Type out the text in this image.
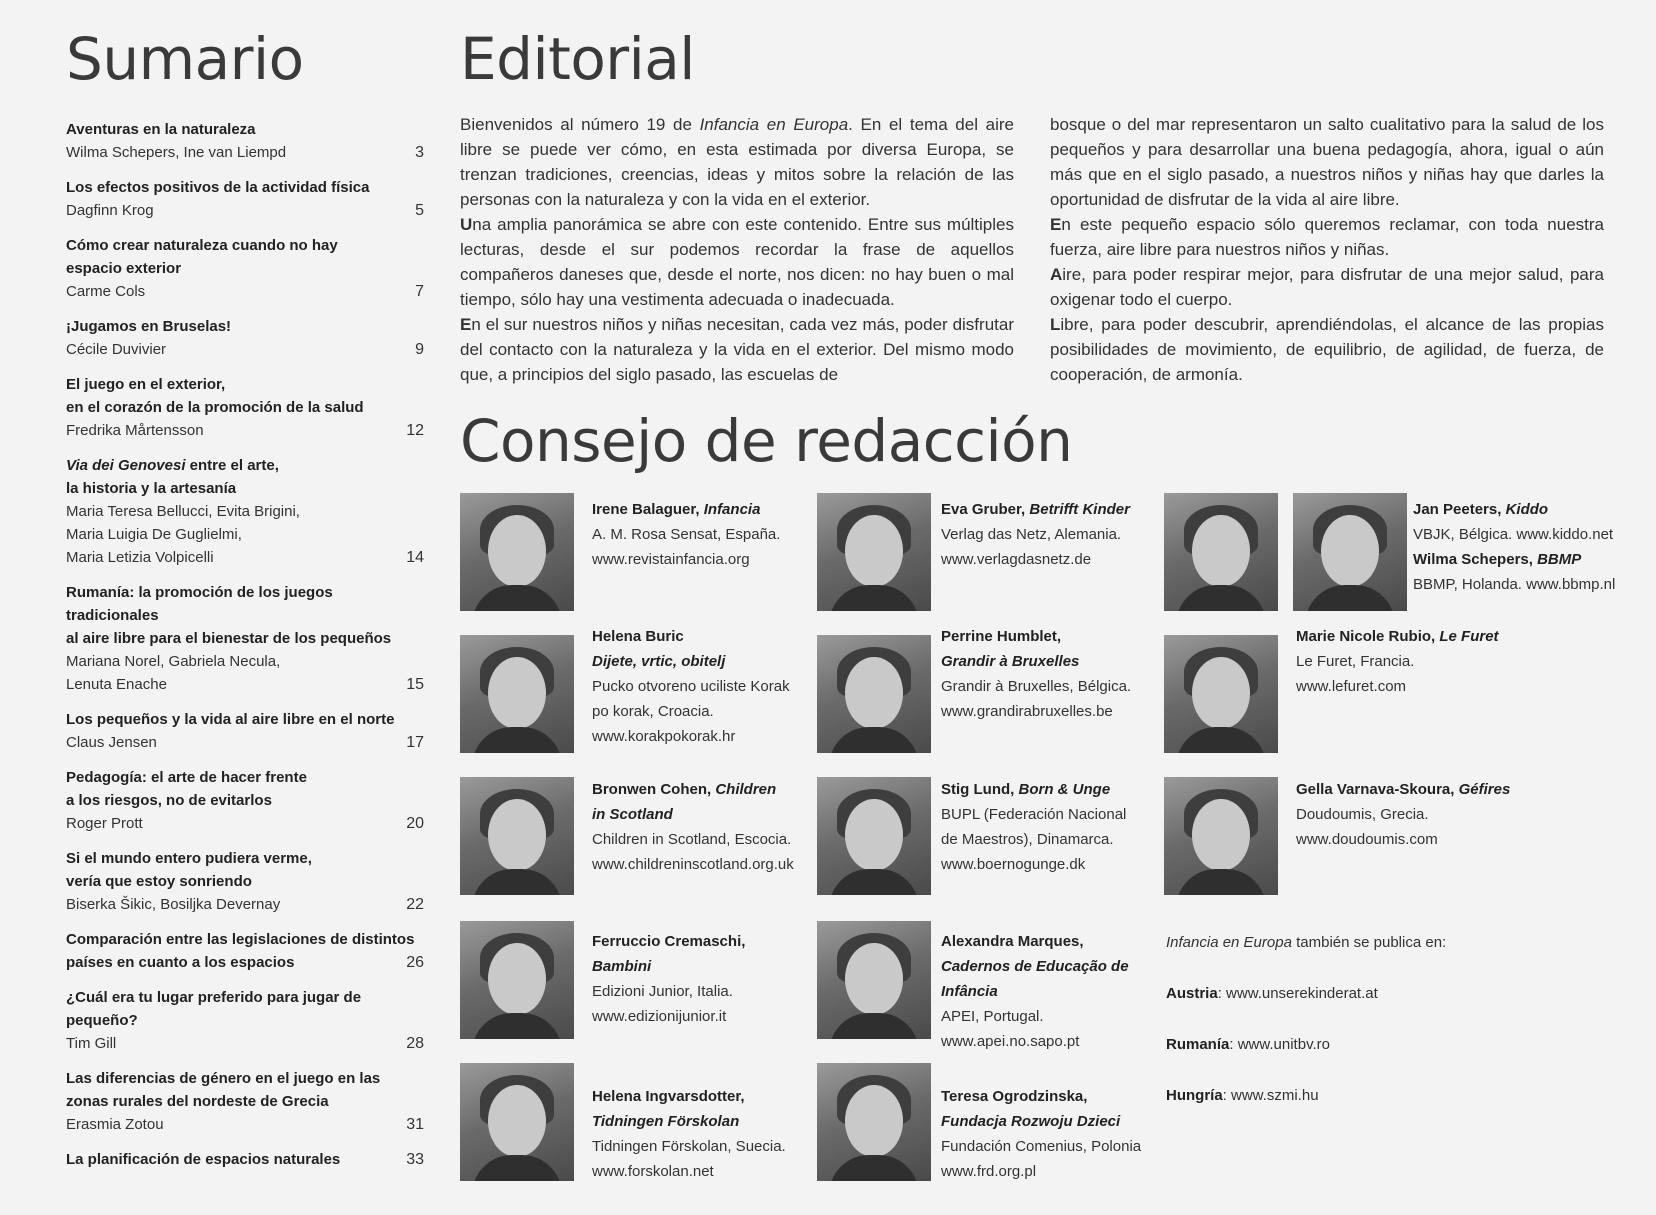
Sumario	Editorial
Consejo de redacción
Aventuras en la naturaleza
Wilma Schepers, Ine van Liempd	3
Los efectos positivos de la actividad física
Dagfinn Krog	5
Cómo crear naturaleza cuando no hay
espacio exterior
Carme Cols	7
¡Jugamos en Bruselas!
Cécile Duvivier	9
El juego en el exterior,
en el corazón de la promoción de la salud
Fredrika Mårtensson	12
Via dei Genovesi entre el arte,
la historia y la artesanía
Maria Teresa Bellucci, Evita Brigini,
Maria Luigia De Guglielmi,
Maria Letizia Volpicelli	14
Rumanía: la promoción de los juegos tradicionales
al aire libre para el bienestar de los pequeños
Mariana Norel, Gabriela Necula,
Lenuta Enache	15
Los pequeños y la vida al aire libre en el norte
Claus Jensen	17
Pedagogía: el arte de hacer frente
a los riesgos, no de evitarlos
Roger Prott	20
Si el mundo entero pudiera verme,
vería que estoy sonriendo
Biserka Šikic, Bosiljka Devernay	22
Comparación entre las legislaciones de distintos
países en cuanto a los espacios	26
¿Cuál era tu lugar preferido para jugar de
pequeño?
Tim Gill	28
Las diferencias de género en el juego en las
zonas rurales del nordeste de Grecia
Erasmia Zotou	31
La planificación de espacios naturales	33

Bienvenidos al número 19 de Infancia en Europa. En el tema del aire libre se puede ver cómo, en esta estimada por diversa Europa, se trenzan tradiciones, creencias, ideas y mitos sobre la relación de las personas con la naturaleza y con la vida en el exterior.

Una amplia panorámica se abre con este contenido. Entre sus múltiples lecturas, desde el sur podemos recordar la frase de aquellos compañeros daneses que, desde el norte, nos dicen: no hay buen o mal tiempo, sólo hay una vestimenta adecuada o inadecuada.

En el sur nuestros niños y niñas necesitan, cada vez más, poder disfrutar del contacto con la naturaleza y la vida en el exterior. Del mismo modo que, a principios del siglo pasado, las escuelas de

bosque o del mar representaron un salto cualitativo para la salud de los pequeños y para desarrollar una buena pedagogía, ahora, igual o aún más que en el siglo pasado, a nuestros niños y niñas hay que darles la oportunidad de disfrutar de la vida al aire libre.

En este pequeño espacio sólo queremos reclamar, con toda nuestra fuerza, aire libre para nuestros niños y niñas.

Aire, para poder respirar mejor, para disfrutar de una mejor salud, para oxigenar todo el cuerpo.

Libre, para poder descubrir, aprendiéndolas, el alcance de las propias posibilidades de movimiento, de equilibrio, de agilidad, de fuerza, de cooperación, de armonía.

Irene Balaguer, Infancia
A. M. Rosa Sensat, España.
www.revistainfancia.org
Eva Gruber, Betrifft Kinder
Verlag das Netz, Alemania.
www.verlagdasnetz.de
Jan Peeters, Kiddo
VBJK, Bélgica. www.kiddo.net
Wilma Schepers, BBMP
BBMP, Holanda. www.bbmp.nl
Helena Buric
Dijete, vrtic, obitelj
Pucko otvoreno uciliste Korak
po korak, Croacia.
www.korakpokorak.hr
Perrine Humblet,
Grandir à Bruxelles
Grandir à Bruxelles, Bélgica.
www.grandirabruxelles.be
Marie Nicole Rubio, Le Furet
Le Furet, Francia.
www.lefuret.com
Bronwen Cohen, Children
in Scotland
Children in Scotland, Escocia.
www.childreninscotland.org.uk
Stig Lund, Born & Unge
BUPL (Federación Nacional
de Maestros), Dinamarca.
www.boernogunge.dk
Gella Varnava-Skoura, Géfires
Doudoumis, Grecia.
www.doudoumis.com
Ferruccio Cremaschi,
Bambini
Edizioni Junior, Italia.
www.edizionijunior.it
Alexandra Marques,
Cadernos de Educação de
Infância
APEI, Portugal.
www.apei.no.sapo.pt
Helena Ingvarsdotter,
Tidningen Förskolan
Tidningen Förskolan, Suecia.
www.forskolan.net
Teresa Ogrodzinska,
Fundacja Rozwoju Dzieci
Fundación Comenius, Polonia
www.frd.org.pl
Infancia en Europa también se publica en:
Austria: www.unserekinderat.at
Rumanía: www.unitbv.ro
Hungría: www.szmi.hu
